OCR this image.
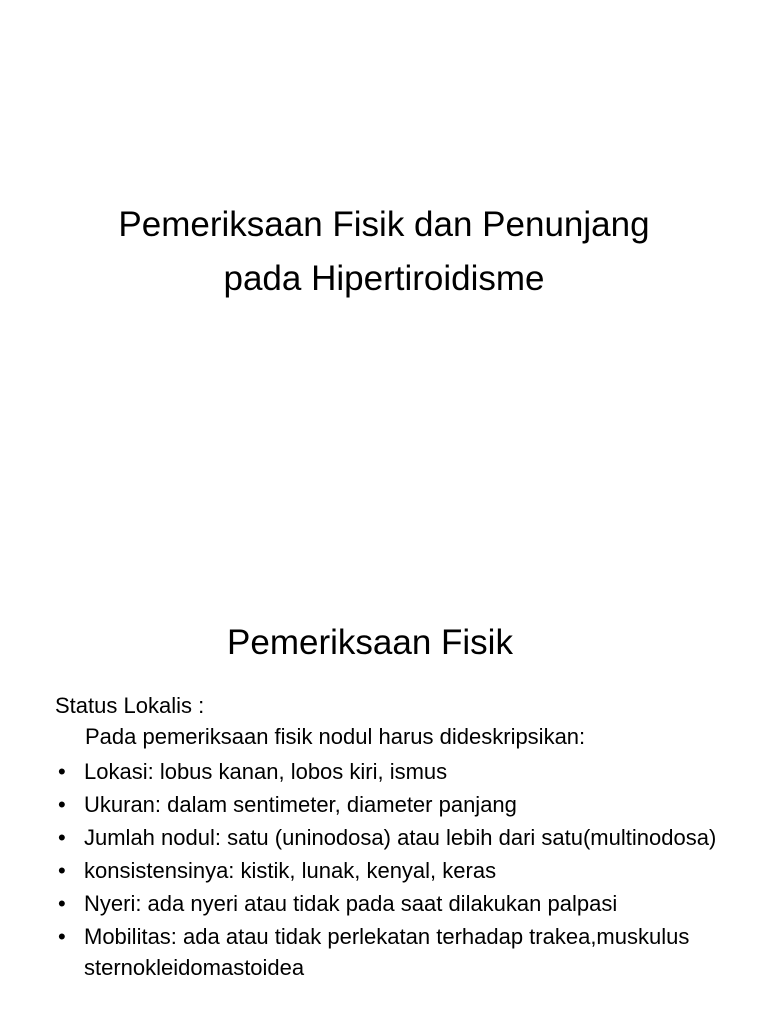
Pemeriksaan Fisik dan Penunjang
pada Hipertiroidisme
Pemeriksaan Fisik
Status Lokalis :
Pada pemeriksaan fisik nodul harus dideskripsikan:
• Lokasi: lobus kanan, lobos kiri, ismus
• Ukuran: dalam sentimeter, diameter panjang
• Jumlah nodul: satu (uninodosa) atau lebih dari satu(multinodosa)
• konsistensinya: kistik, lunak, kenyal, keras
• Nyeri: ada nyeri atau tidak pada saat dilakukan palpasi
• Mobilitas: ada atau tidak perlekatan terhadap trakea,muskulus sternokleidomastoidea
